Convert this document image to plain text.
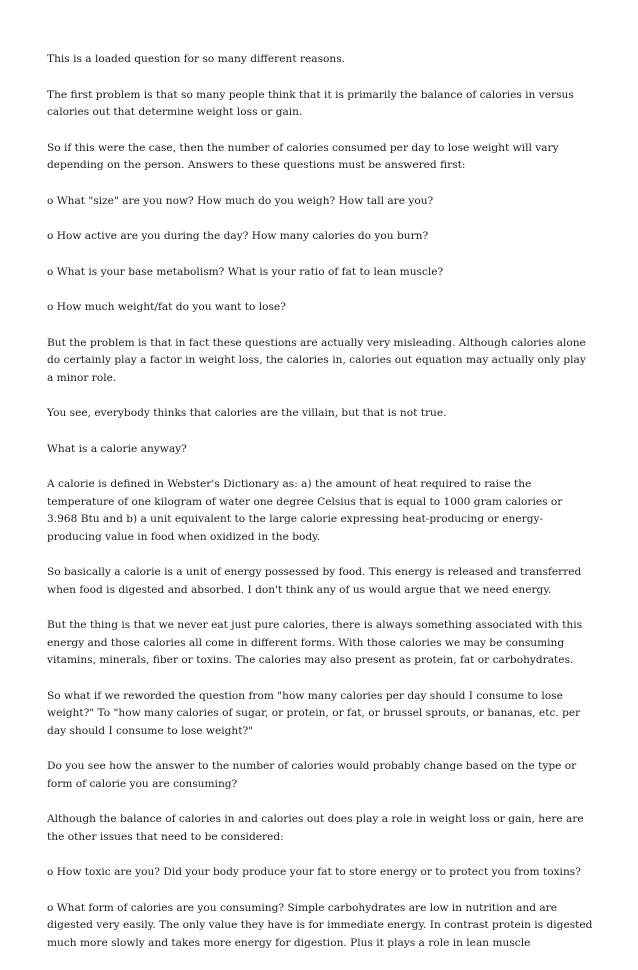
This is a loaded question for so many different reasons.

The first problem is that so many people think that it is primarily the balance of calories in versus calories out that determine weight loss or gain.

So if this were the case, then the number of calories consumed per day to lose weight will vary depending on the person. Answers to these questions must be answered first:

o What "size" are you now? How much do you weigh? How tall are you?

o How active are you during the day? How many calories do you burn?

o What is your base metabolism? What is your ratio of fat to lean muscle?

o How much weight/fat do you want to lose?

But the problem is that in fact these questions are actually very misleading. Although calories alone do certainly play a factor in weight loss, the calories in, calories out equation may actually only play a minor role.

You see, everybody thinks that calories are the villain, but that is not true.

What is a calorie anyway?

A calorie is defined in Webster's Dictionary as: a) the amount of heat required to raise the temperature of one kilogram of water one degree Celsius that is equal to 1000 gram calories or 3.968 Btu and b) a unit equivalent to the large calorie expressing heat-producing or energy-producing value in food when oxidized in the body.

So basically a calorie is a unit of energy possessed by food. This energy is released and transferred when food is digested and absorbed. I don't think any of us would argue that we need energy.

But the thing is that we never eat just pure calories, there is always something associated with this energy and those calories all come in different forms. With those calories we may be consuming vitamins, minerals, fiber or toxins. The calories may also present as protein, fat or carbohydrates.

So what if we reworded the question from "how many calories per day should I consume to lose weight?" To "how many calories of sugar, or protein, or fat, or brussel sprouts, or bananas, etc. per day should I consume to lose weight?"

Do you see how the answer to the number of calories would probably change based on the type or form of calorie you are consuming?

Although the balance of calories in and calories out does play a role in weight loss or gain, here are the other issues that need to be considered:

o How toxic are you? Did your body produce your fat to store energy or to protect you from toxins?

o What form of calories are you consuming? Simple carbohydrates are low in nutrition and are digested very easily. The only value they have is for immediate energy. In contrast protein is digested much more slowly and takes more energy for digestion. Plus it plays a role in lean muscle
